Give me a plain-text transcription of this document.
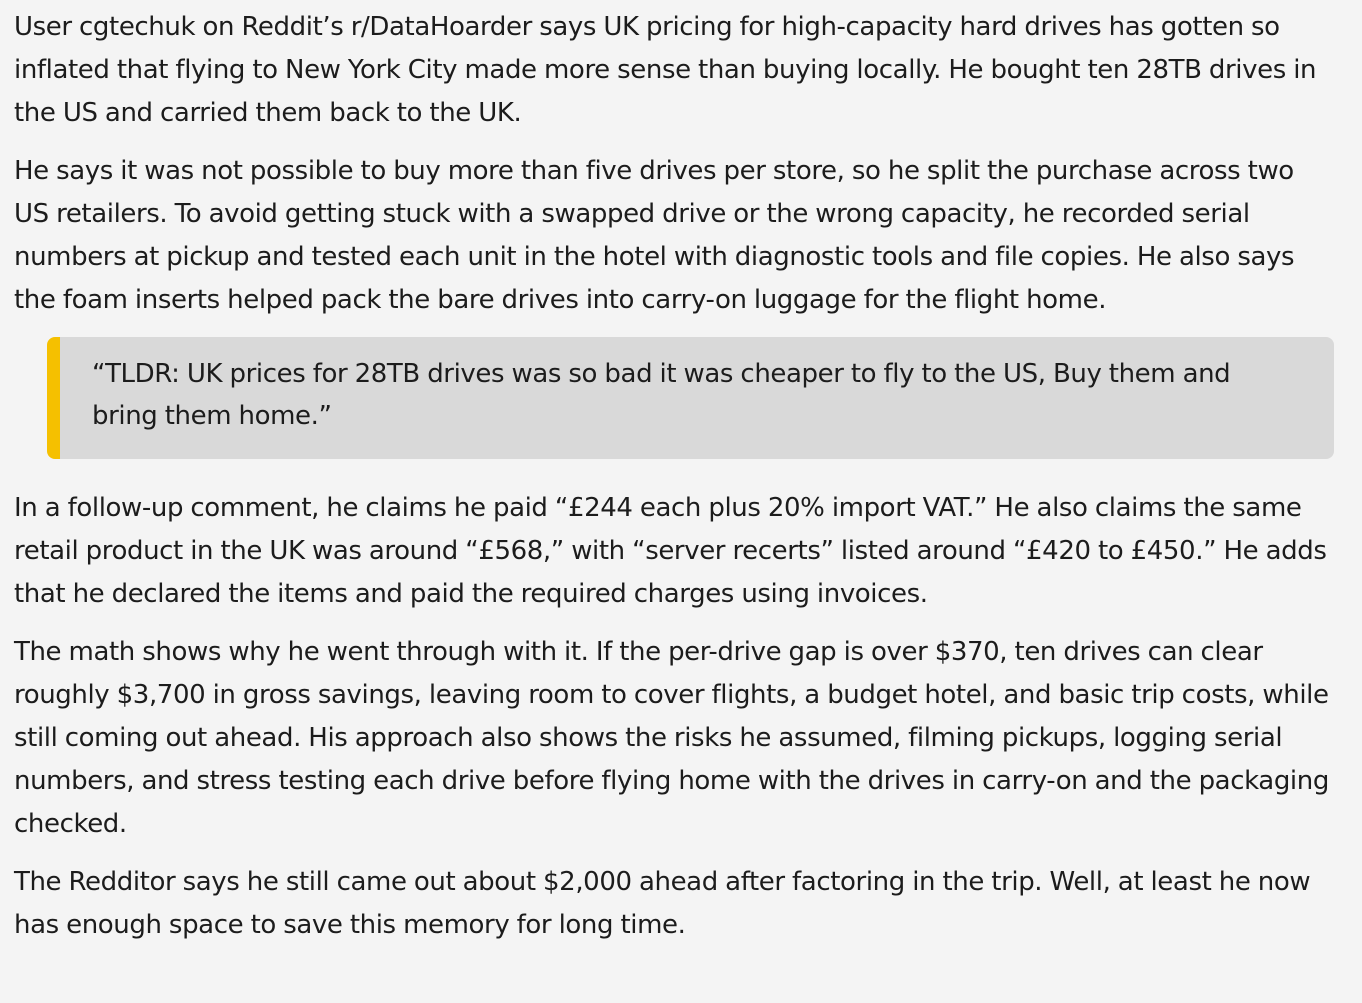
User cgtechuk on Reddit’s r/DataHoarder says UK pricing for high-capacity hard drives has gotten so inflated that flying to New York City made more sense than buying locally. He bought ten 28TB drives in the US and carried them back to the UK.

He says it was not possible to buy more than five drives per store, so he split the purchase across two US retailers. To avoid getting stuck with a swapped drive or the wrong capacity, he recorded serial numbers at pickup and tested each unit in the hotel with diagnostic tools and file copies. He also says the foam inserts helped pack the bare drives into carry-on luggage for the flight home.

“TLDR: UK prices for 28TB drives was so bad it was cheaper to fly to the US, Buy them and bring them home.”

In a follow-up comment, he claims he paid “£244 each plus 20% import VAT.” He also claims the same retail product in the UK was around “£568,” with “server recerts” listed around “£420 to £450.” He adds that he declared the items and paid the required charges using invoices.

The math shows why he went through with it. If the per-drive gap is over $370, ten drives can clear roughly $3,700 in gross savings, leaving room to cover flights, a budget hotel, and basic trip costs, while still coming out ahead. His approach also shows the risks he assumed, filming pickups, logging serial numbers, and stress testing each drive before flying home with the drives in carry-on and the packaging checked.

The Redditor says he still came out about $2,000 ahead after factoring in the trip. Well, at least he now has enough space to save this memory for long time.
